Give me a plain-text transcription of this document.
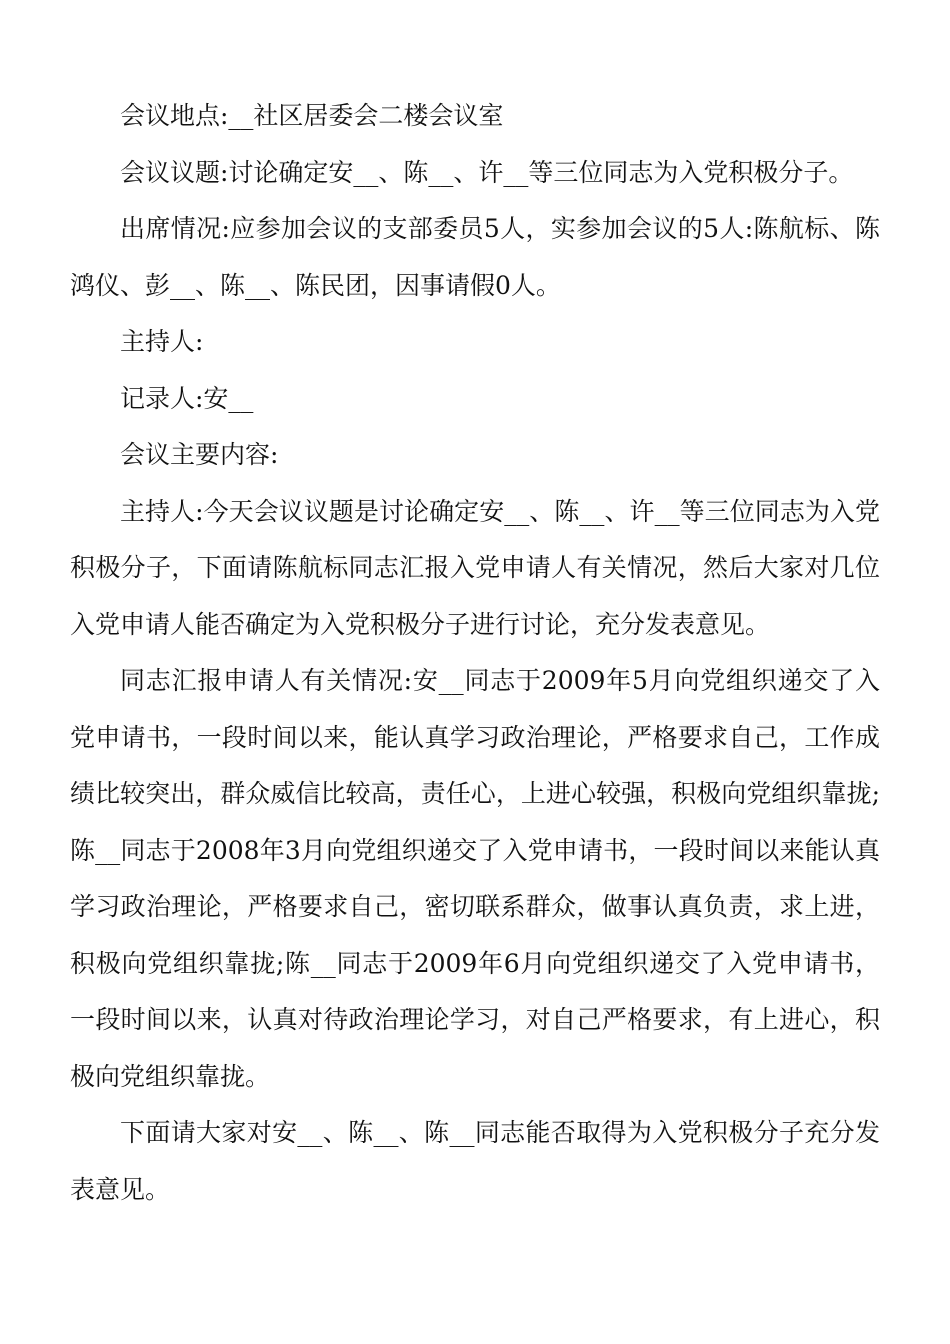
会议地点:__社区居委会二楼会议室

会议议题:讨论确定安__、陈__、许__等三位同志为入党积极分子。

出席情况:应参加会议的支部委员5人，实参加会议的5人:陈航标、陈鸿仪、彭__、陈__、陈民团，因事请假0人。

主持人:

记录人:安__

会议主要内容:

主持人:今天会议议题是讨论确定安__、陈__、许__等三位同志为入党积极分子，下面请陈航标同志汇报入党申请人有关情况，然后大家对几位入党申请人能否确定为入党积极分子进行讨论，充分发表意见。

同志汇报申请人有关情况:安__同志于2009年5月向党组织递交了入党申请书，一段时间以来，能认真学习政治理论，严格要求自己，工作成绩比较突出，群众威信比较高，责任心，上进心较强，积极向党组织靠拢;陈__同志于2008年3月向党组织递交了入党申请书，一段时间以来能认真学习政治理论，严格要求自己，密切联系群众，做事认真负责，求上进，积极向党组织靠拢;陈__同志于2009年6月向党组织递交了入党申请书，一段时间以来，认真对待政治理论学习，对自己严格要求，有上进心，积极向党组织靠拢。

下面请大家对安__、陈__、陈__同志能否取得为入党积极分子充分发表意见。
